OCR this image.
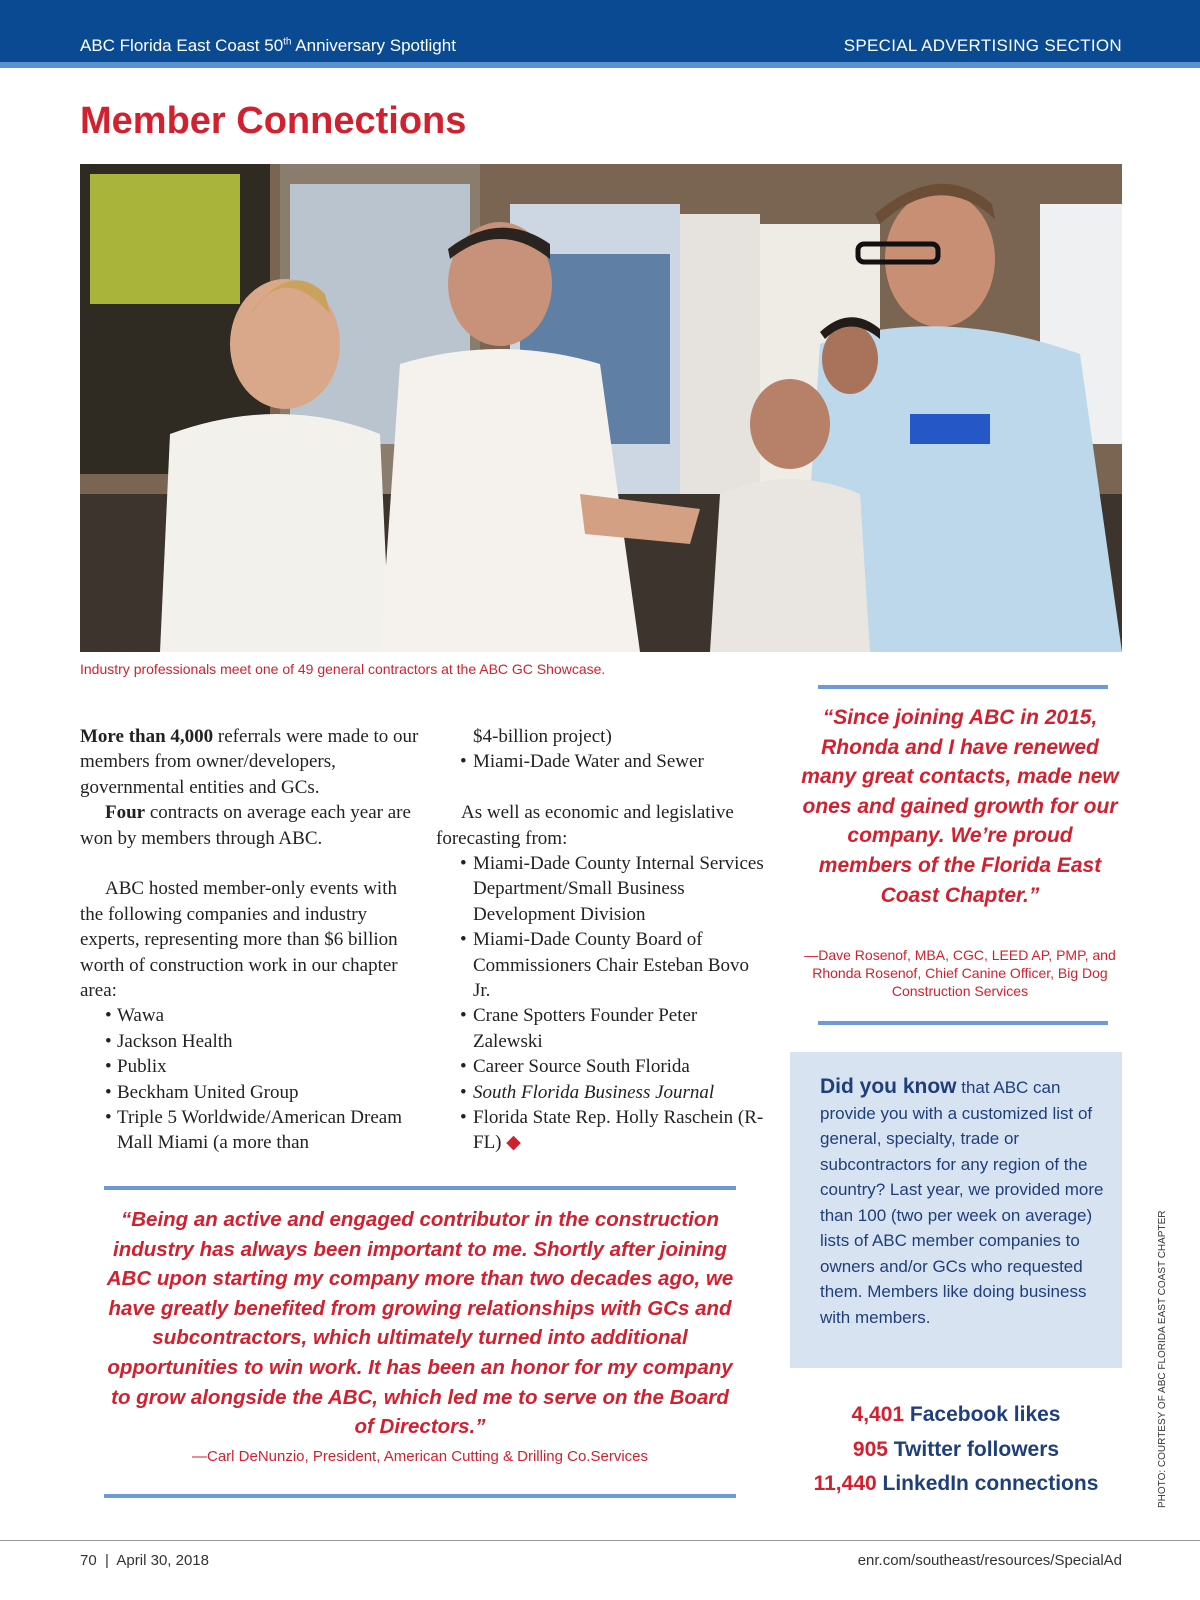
ABC Florida East Coast 50th Anniversary Spotlight	SPECIAL ADVERTISING SECTION
Member Connections
Industry professionals meet one of 49 general contractors at the ABC GC Showcase.

More than 4,000 referrals were made to our members from owner/developers, governmental entities and GCs.

Four contracts on average each year are won by members through ABC.

ABC hosted member-only events with the following companies and industry experts, representing more than $6 billion worth of construction work in our chapter area:

• Wawa
• Jackson Health
• Publix
• Beckham United Group
• Triple 5 Worldwide/American Dream Mall Miami (a more than

$4-billion project)

• Miami-Dade Water and Sewer

As well as economic and legislative forecasting from:

• Miami-Dade County Internal Services Department/Small Business Development Division
• Miami-Dade County Board of Commissioners Chair Esteban Bovo Jr.
• Crane Spotters Founder Peter Zalewski
• Career Source South Florida
• South Florida Business Journal
• Florida State Rep. Holly Raschein (R-FL) ◆
“Since joining ABC in 2015, Rhonda and I have renewed many great contacts, made new ones and gained growth for our company. We’re proud members of the Florida East Coast Chapter.”
—Dave Rosenof, MBA, CGC, LEED AP, PMP, and Rhonda Rosenof, Chief Canine Officer, Big Dog Construction Services
Did you know that ABC can provide you with a customized list of general, specialty, trade or subcontractors for any region of the country? Last year, we provided more than 100 (two per week on average) lists of ABC member companies to owners and/or GCs who requested them. Members like doing business with members.
4,401 Facebook likes
905 Twitter followers
11,440 LinkedIn connections
“Being an active and engaged contributor in the construction industry has always been important to me. Shortly after joining ABC upon starting my company more than two decades ago, we have greatly benefited from growing relationships with GCs and subcontractors, which ultimately turned into additional opportunities to win work. It has been an honor for my company to grow alongside the ABC, which led me to serve on the Board of Directors.”
—Carl DeNunzio, President, American Cutting & Drilling Co.Services	PHOTO: COURTESY OF ABC FLORIDA EAST COAST CHAPTER
70  |  April 30, 2018	enr.com/southeast/resources/SpecialAd
